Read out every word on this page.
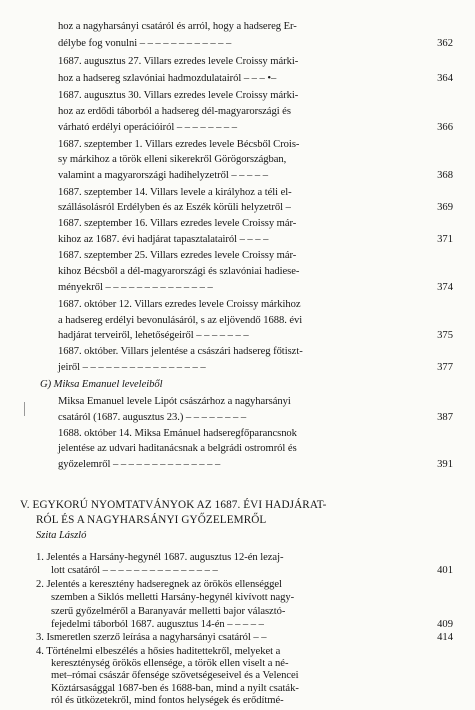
hoz a nagyharsányi csatáról és arról, hogy a hadsereg Er-
délybe fog vonulni – – – – – – – – – – – –	362
1687. augusztus 27. Villars ezredes levele Croissy márki-
hoz a hadsereg szlavóniai hadmozdulatairól – – – •–	364
1687. augusztus 30. Villars ezredes levele Croissy márki-
hoz az erdődi táborból a hadsereg dél-magyarországi és
várható erdélyi operációiról – – – – – – – –	366
1687. szeptember 1. Villars ezredes levele Bécsből Crois-
sy márkihoz a török elleni sikerekről Görögországban,
valamint a magyarországi hadihelyzetről – – – – –	368
1687. szeptember 14. Villars levele a királyhoz a téli el-
szállásolásról Erdélyben és az Eszék körüli helyzetről –	369
1687. szeptember 16. Villars ezredes levele Croissy már-
kihoz az 1687. évi hadjárat tapasztalatairól – – – –	371
1687. szeptember 25. Villars ezredes levele Croissy már-
kihoz Bécsből a dél-magyarországi és szlavóniai hadiese-
ményekről – – – – – – – – – – – – – –	374
1687. október 12. Villars ezredes levele Croissy márkihoz
a hadsereg erdélyi bevonulásáról, s az eljövendő 1688. évi
hadjárat terveiről, lehetőségeiről – – – – – – –	375
1687. október. Villars jelentése a császári hadsereg főtiszt-
jeiről – – – – – – – – – – – – – – – –	377
G) Miksa Emanuel leveleiből
Miksa Emanuel levele Lipót császárhoz a nagyharsányi
csatáról (1687. augusztus 23.) – – – – – – – –	387
1688. október 14. Miksa Emánuel hadseregfőparancsnok
jelentése az udvari haditanácsnak a belgrádi ostromról és
győzelemről – – – – – – – – – – – – – –	391
V. EGYKORÚ NYOMTATVÁNYOK AZ 1687. ÉVI HADJÁRAT-
RÓL ÉS A NAGYHARSÁNYI GYŐZELEMRŐL
Szita László
1. Jelentés a Harsány-hegynél 1687. augusztus 12-én lezaj-
lott csatáról – – – – – – – – – – – – – – –	401
2. Jelentés a keresztény hadseregnek az örökös ellenséggel
szemben a Siklós melletti Harsány-hegynél kivívott nagy-
szerű győzelméről a Baranyavár melletti bajor választó-
fejedelmi táborból 1687. augusztus 14-én – – – – –	409
3. Ismeretlen szerző leírása a nagyharsányi csatáról – –	414
4. Történelmi elbeszélés a hősies haditettekről, melyeket a
kereszténység örökös ellensége, a török ellen viselt a né-
met–római császár őfensége szövetségeseivel és a Velencei
Köztársasággal 1687-ben és 1688-ban, mind a nyilt csaták-
ról és ütközetekről, mind fontos helységek és erődítmé-
